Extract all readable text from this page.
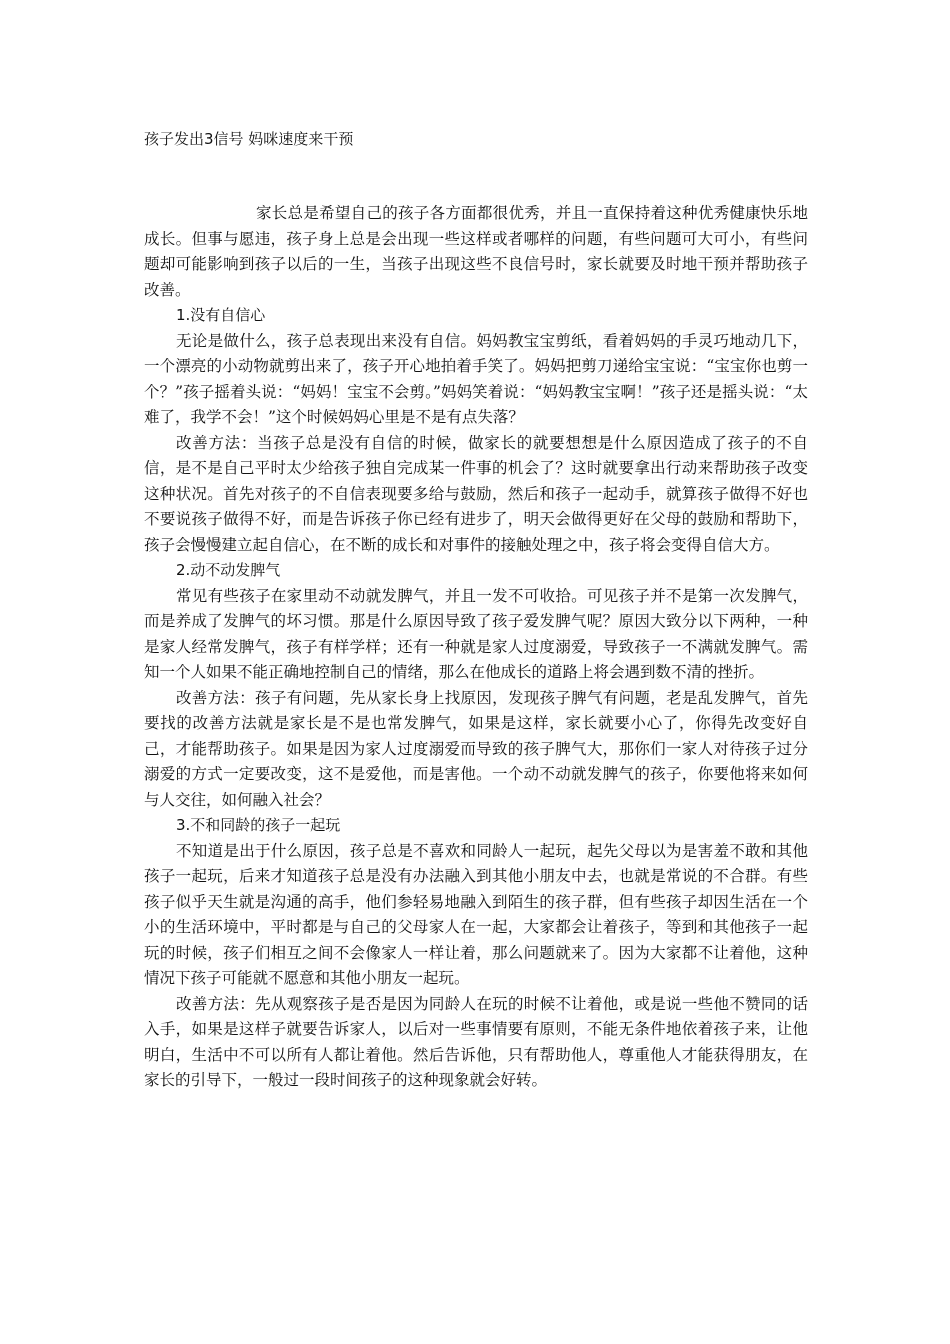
孩子发出3信号 妈咪速度来干预

家长总是希望自己的孩子各方面都很优秀，并且一直保持着这种优秀健康快乐地成长。但事与愿违，孩子身上总是会出现一些这样或者哪样的问题，有些问题可大可小，有些问题却可能影响到孩子以后的一生，当孩子出现这些不良信号时，家长就要及时地干预并帮助孩子改善。

1.没有自信心

无论是做什么，孩子总表现出来没有自信。妈妈教宝宝剪纸，看着妈妈的手灵巧地动几下，一个漂亮的小动物就剪出来了，孩子开心地拍着手笑了。妈妈把剪刀递给宝宝说：“宝宝你也剪一个？”孩子摇着头说：“妈妈！宝宝不会剪。”妈妈笑着说：“妈妈教宝宝啊！”孩子还是摇头说：“太难了，我学不会！”这个时候妈妈心里是不是有点失落？

改善方法：当孩子总是没有自信的时候，做家长的就要想想是什么原因造成了孩子的不自信，是不是自己平时太少给孩子独自完成某一件事的机会了？这时就要拿出行动来帮助孩子改变这种状况。首先对孩子的不自信表现要多给与鼓励，然后和孩子一起动手，就算孩子做得不好也不要说孩子做得不好，而是告诉孩子你已经有进步了，明天会做得更好在父母的鼓励和帮助下，孩子会慢慢建立起自信心，在不断的成长和对事件的接触处理之中，孩子将会变得自信大方。

2.动不动发脾气

常见有些孩子在家里动不动就发脾气，并且一发不可收拾。可见孩子并不是第一次发脾气，而是养成了发脾气的坏习惯。那是什么原因导致了孩子爱发脾气呢？原因大致分以下两种，一种是家人经常发脾气，孩子有样学样；还有一种就是家人过度溺爱，导致孩子一不满就发脾气。需知一个人如果不能正确地控制自己的情绪，那么在他成长的道路上将会遇到数不清的挫折。

改善方法：孩子有问题，先从家长身上找原因，发现孩子脾气有问题，老是乱发脾气，首先要找的改善方法就是家长是不是也常发脾气，如果是这样，家长就要小心了，你得先改变好自己，才能帮助孩子。如果是因为家人过度溺爱而导致的孩子脾气大，那你们一家人对待孩子过分溺爱的方式一定要改变，这不是爱他，而是害他。一个动不动就发脾气的孩子，你要他将来如何与人交往，如何融入社会？

3.不和同龄的孩子一起玩

不知道是出于什么原因，孩子总是不喜欢和同龄人一起玩，起先父母以为是害羞不敢和其他孩子一起玩，后来才知道孩子总是没有办法融入到其他小朋友中去，也就是常说的不合群。有些孩子似乎天生就是沟通的高手，他们参轻易地融入到陌生的孩子群，但有些孩子却因生活在一个小的生活环境中，平时都是与自己的父母家人在一起，大家都会让着孩子，等到和其他孩子一起玩的时候，孩子们相互之间不会像家人一样让着，那么问题就来了。因为大家都不让着他，这种情况下孩子可能就不愿意和其他小朋友一起玩。

改善方法：先从观察孩子是否是因为同龄人在玩的时候不让着他，或是说一些他不赞同的话入手，如果是这样子就要告诉家人，以后对一些事情要有原则，不能无条件地依着孩子来，让他明白，生活中不可以所有人都让着他。然后告诉他，只有帮助他人，尊重他人才能获得朋友，在家长的引导下，一般过一段时间孩子的这种现象就会好转。
